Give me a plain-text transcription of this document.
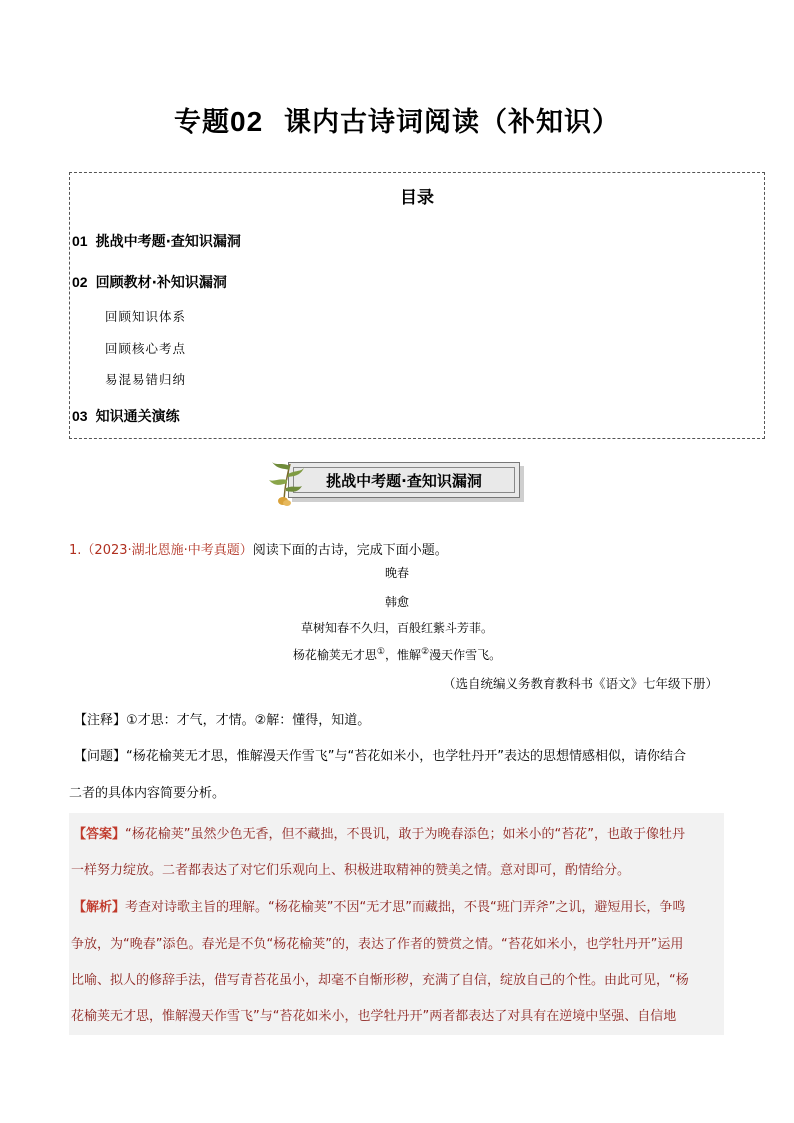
专题02 课内古诗词阅读（补知识）
目录
01 挑战中考题·查知识漏洞
02 回顾教材·补知识漏洞
回顾知识体系
回顾核心考点
易混易错归纳
03 知识通关演练
挑战中考题·查知识漏洞
1.（2023·湖北恩施·中考真题）阅读下面的古诗，完成下面小题。
晚春
韩愈
草树知春不久归，百般红紫斗芳菲。
杨花榆荚无才思①，惟解②漫天作雪飞。
（选自统编义务教育教科书《语文》七年级下册）
【注释】①才思：才气，才情。②解：懂得，知道。
【问题】“杨花榆荚无才思，惟解漫天作雪飞”与“苔花如米小，也学牡丹开”表达的思想情感相似，请你结合
二者的具体内容简要分析。
【答案】“杨花榆荚”虽然少色无香，但不藏拙，不畏讥，敢于为晚春添色；如米小的“苔花”，也敢于像牡丹
一样努力绽放。二者都表达了对它们乐观向上、积极进取精神的赞美之情。意对即可，酌情给分。
【解析】考查对诗歌主旨的理解。“杨花榆荚”不因“无才思”而藏拙，不畏“班门弄斧”之讥，避短用长，争鸣
争放，为“晚春”添色。春光是不负“杨花榆荚”的，表达了作者的赞赏之情。“苔花如米小，也学牡丹开”运用
比喻、拟人的修辞手法，借写青苔花虽小，却毫不自惭形秽，充满了自信，绽放自己的个性。由此可见，“杨
花榆荚无才思，惟解漫天作雪飞”与“苔花如米小，也学牡丹开”两者都表达了对具有在逆境中坚强、自信地
